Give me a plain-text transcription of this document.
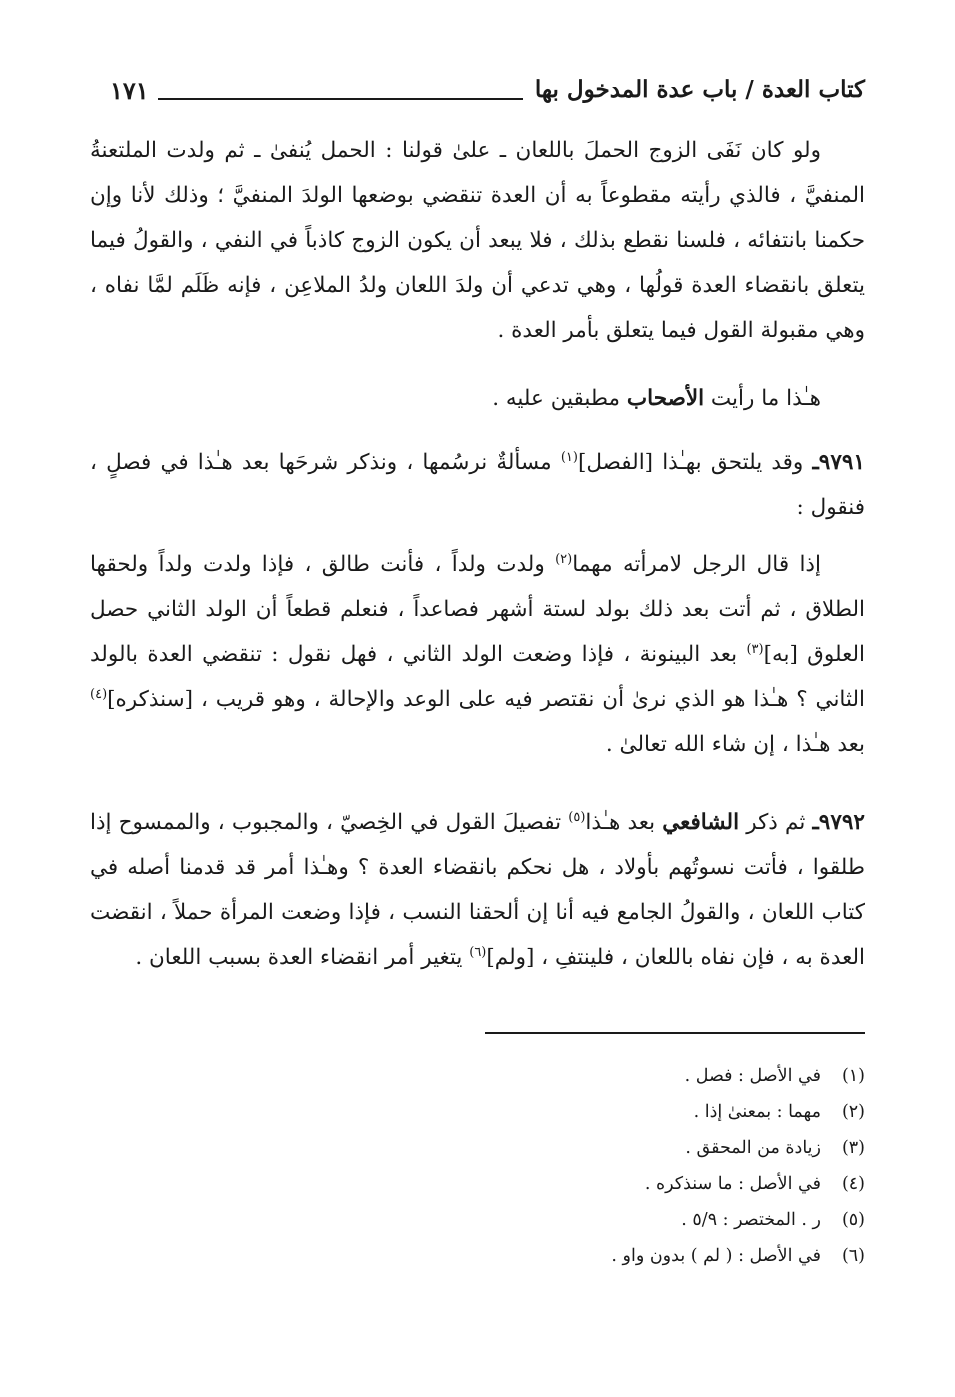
كتاب العدة / باب عدة المدخول بها
١٧١

ولو كان نَفَى الزوج الحملَ باللعان ـ علىٰ قولنا : الحمل يُنفىٰ ـ ثم ولدت الملتعنةُ المنفيَّ ، فالذي رأيته مقطوعاً به أن العدة تنقضي بوضعها الولدَ المنفيَّ ؛ وذلك لأنا وإن حكمنا بانتفائه ، فلسنا نقطع بذلك ، فلا يبعد أن يكون الزوج كاذباً في النفي ، والقولُ فيما يتعلق بانقضاء العدة قولُها ، وهي تدعي أن ولدَ اللعان ولدُ الملاعِن ، فإنه ظَلَم لمَّا نفاه ، وهي مقبولة القول فيما يتعلق بأمر العدة .

هـٰذا ما رأيت الأصحاب مطبقين عليه .

٩٧٩١ـ وقد يلتحق بهـٰذا [الفصل]$^{(١)}$ مسألةٌ نرسُمها ، ونذكر شرحَها بعد هـٰذا في فصلٍ ، فنقول :

إذا قال الرجل لامرأته مهما$^{(٢)}$ ولدت ولداً ، فأنت طالق ، فإذا ولدت ولداً ولحقها الطلاق ، ثم أتت بعد ذلك بولد لستة أشهر فصاعداً ، فنعلم قطعاً أن الولد الثاني حصل العلوق [به]$^{(٣)}$ بعد البينونة ، فإذا وضعت الولد الثاني ، فهل نقول : تنقضي العدة بالولد الثاني ؟ هـٰذا هو الذي نرىٰ أن نقتصر فيه على الوعد والإحالة ، وهو قريب ، [سنذكره]$^{(٤)}$ بعد هـٰذا ، إن شاء الله تعالىٰ .

٩٧٩٢ـ ثم ذكر الشافعي بعد هـٰذا$^{(٥)}$ تفصيلَ القول في الخِصيّ ، والمجبوب ، والممسوح إذا طلقوا ، فأتت نسوتُهم بأولاد ، هل نحكم بانقضاء العدة ؟ وهـٰذا أمر قد قدمنا أصله في كتاب اللعان ، والقولُ الجامع فيه أنا إن ألحقنا النسب ، فإذا وضعت المرأة حملاً ، انقضت العدة به ، فإن نفاه باللعان ، فلينتفِ ، [ولم]$^{(٦)}$ يتغير أمر انقضاء العدة بسبب اللعان .

(١)في الأصل : فصل .
(٢)مهما : بمعنىٰ إذا .
(٣)زيادة من المحقق .
(٤)في الأصل : ما سنذكره .
(٥)ر . المختصر : ٥/٩ .
(٦)في الأصل : ( لم ) بدون واو .
